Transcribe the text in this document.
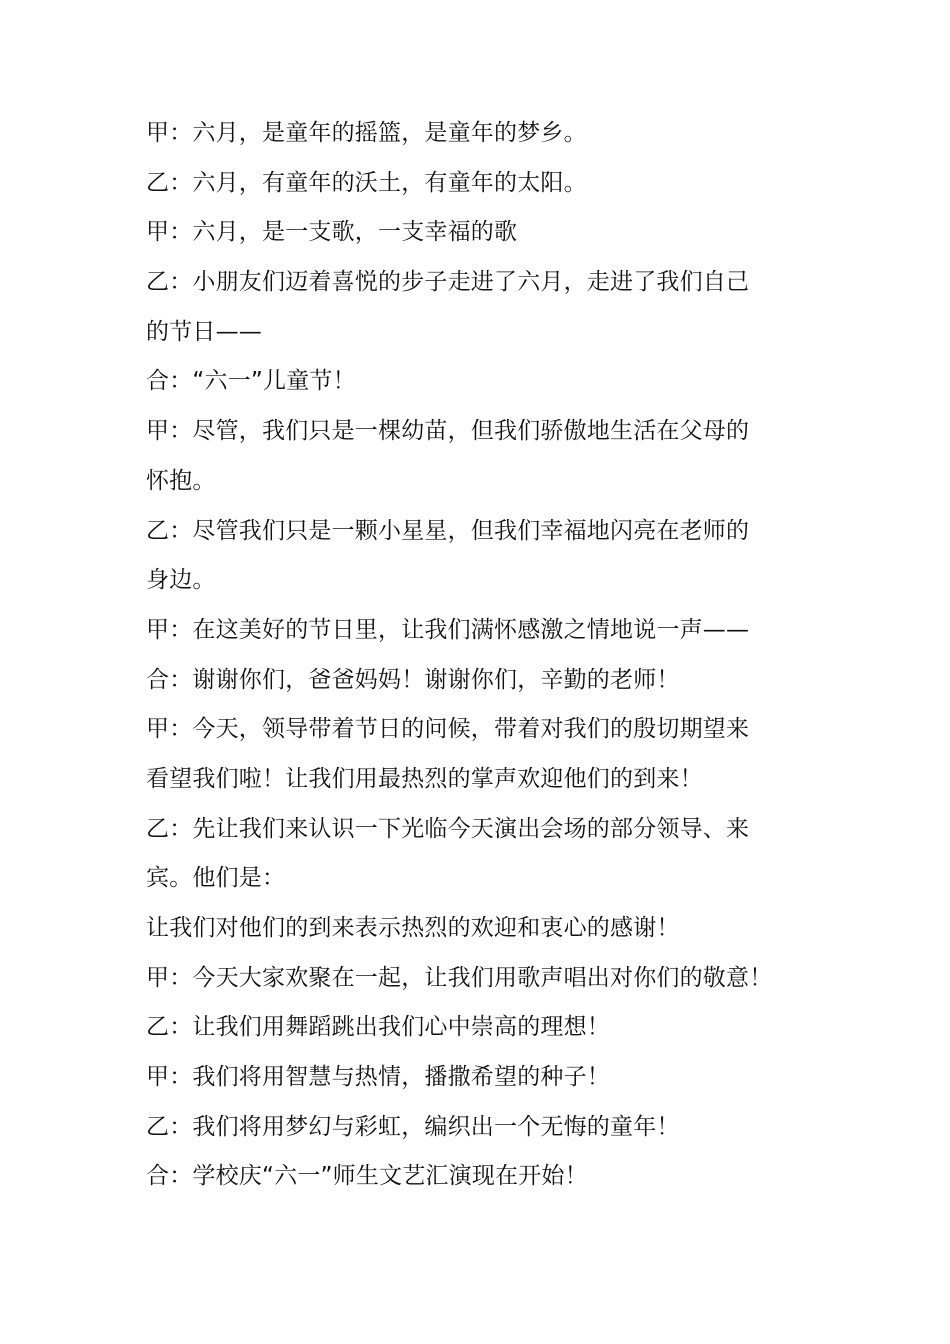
甲：六月，是童年的摇篮，是童年的梦乡。
乙：六月，有童年的沃土，有童年的太阳。
甲：六月，是一支歌，一支幸福的歌
乙：小朋友们迈着喜悦的步子走进了六月，走进了我们自己
的节日——
合：“六一”儿童节！
甲：尽管，我们只是一棵幼苗，但我们骄傲地生活在父母的
怀抱。
乙：尽管我们只是一颗小星星，但我们幸福地闪亮在老师的
身边。
甲：在这美好的节日里，让我们满怀感激之情地说一声——
合：谢谢你们，爸爸妈妈！谢谢你们，辛勤的老师！
甲：今天，领导带着节日的问候，带着对我们的殷切期望来
看望我们啦！让我们用最热烈的掌声欢迎他们的到来！
乙：先让我们来认识一下光临今天演出会场的部分领导、来
宾。他们是：
让我们对他们的到来表示热烈的欢迎和衷心的感谢！
甲：今天大家欢聚在一起，让我们用歌声唱出对你们的敬意！
乙：让我们用舞蹈跳出我们心中崇高的理想！
甲：我们将用智慧与热情，播撒希望的种子！
乙：我们将用梦幻与彩虹，编织出一个无悔的童年！
合：学校庆“六一”师生文艺汇演现在开始！
